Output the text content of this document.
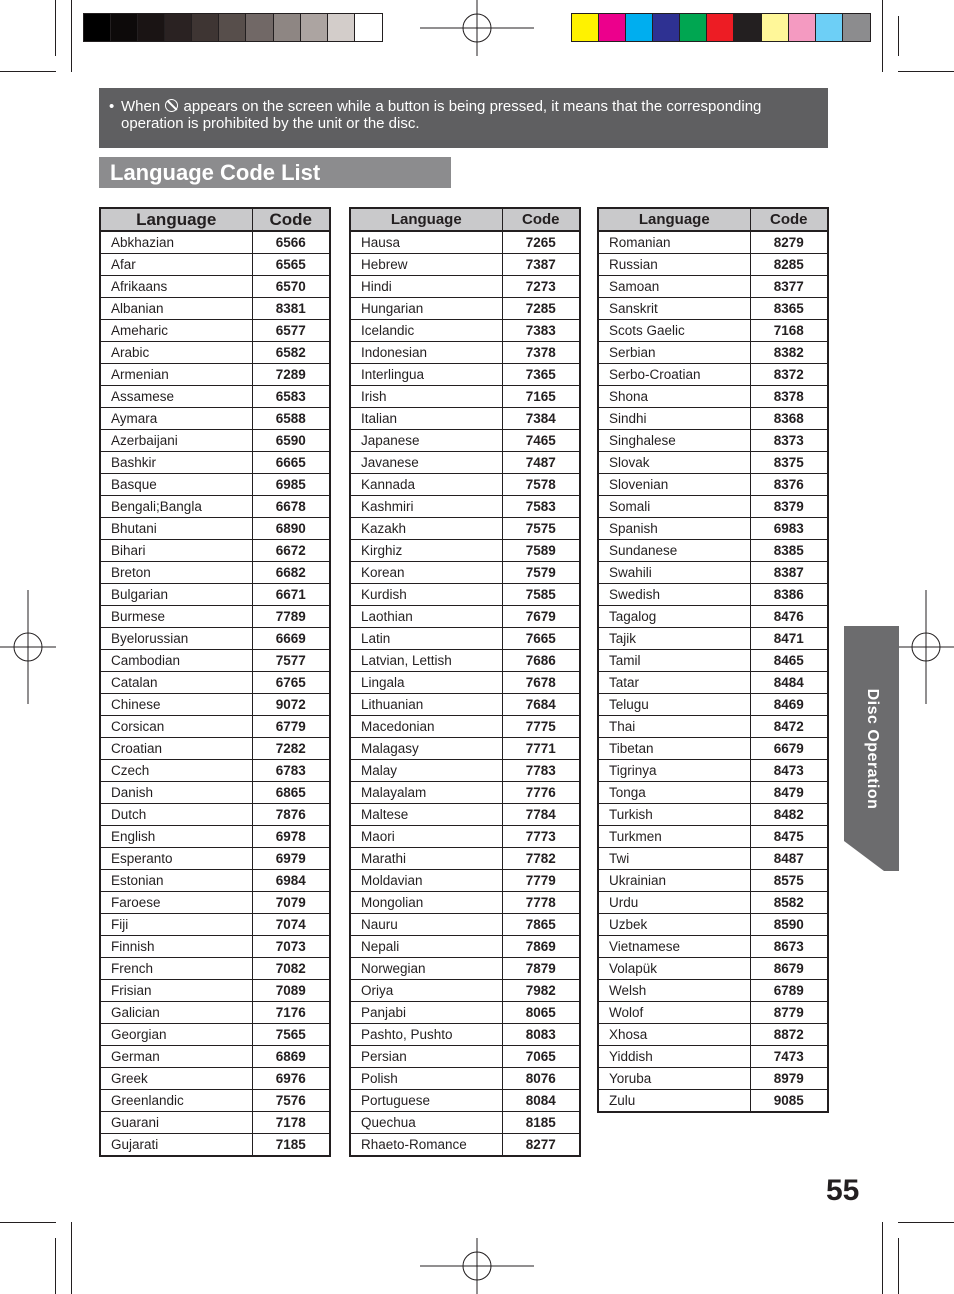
• When appears on the screen while a button is being pressed, it means that the corresponding operation is prohibited by the unit or the disc.
Language Code List
Language	Code
Abkhazian	6566
Afar	6565
Afrikaans	6570
Albanian	8381
Ameharic	6577
Arabic	6582
Armenian	7289
Assamese	6583
Aymara	6588
Azerbaijani	6590
Bashkir	6665
Basque	6985
Bengali;Bangla	6678
Bhutani	6890
Bihari	6672
Breton	6682
Bulgarian	6671
Burmese	7789
Byelorussian	6669
Cambodian	7577
Catalan	6765
Chinese	9072
Corsican	6779
Croatian	7282
Czech	6783
Danish	6865
Dutch	7876
English	6978
Esperanto	6979
Estonian	6984
Faroese	7079
Fiji	7074
Finnish	7073
French	7082
Frisian	7089
Galician	7176
Georgian	7565
German	6869
Greek	6976
Greenlandic	7576
Guarani	7178
Gujarati	7185
Language	Code
Hausa	7265
Hebrew	7387
Hindi	7273
Hungarian	7285
Icelandic	7383
Indonesian	7378
Interlingua	7365
Irish	7165
Italian	7384
Japanese	7465
Javanese	7487
Kannada	7578
Kashmiri	7583
Kazakh	7575
Kirghiz	7589
Korean	7579
Kurdish	7585
Laothian	7679
Latin	7665
Latvian, Lettish	7686
Lingala	7678
Lithuanian	7684
Macedonian	7775
Malagasy	7771
Malay	7783
Malayalam	7776
Maltese	7784
Maori	7773
Marathi	7782
Moldavian	7779
Mongolian	7778
Nauru	7865
Nepali	7869
Norwegian	7879
Oriya	7982
Panjabi	8065
Pashto, Pushto	8083
Persian	7065
Polish	8076
Portuguese	8084
Quechua	8185
Rhaeto-Romance	8277
Language	Code
Romanian	8279
Russian	8285
Samoan	8377
Sanskrit	8365
Scots Gaelic	7168
Serbian	8382
Serbo-Croatian	8372
Shona	8378
Sindhi	8368
Singhalese	8373
Slovak	8375
Slovenian	8376
Somali	8379
Spanish	6983
Sundanese	8385
Swahili	8387
Swedish	8386
Tagalog	8476
Tajik	8471
Tamil	8465
Tatar	8484
Telugu	8469
Thai	8472
Tibetan	6679
Tigrinya	8473
Tonga	8479
Turkish	8482
Turkmen	8475
Twi	8487
Ukrainian	8575
Urdu	8582
Uzbek	8590
Vietnamese	8673
Volapük	8679
Welsh	6789
Wolof	8779
Xhosa	8872
Yiddish	7473
Yoruba	8979
Zulu	9085
Disc Operation
55
